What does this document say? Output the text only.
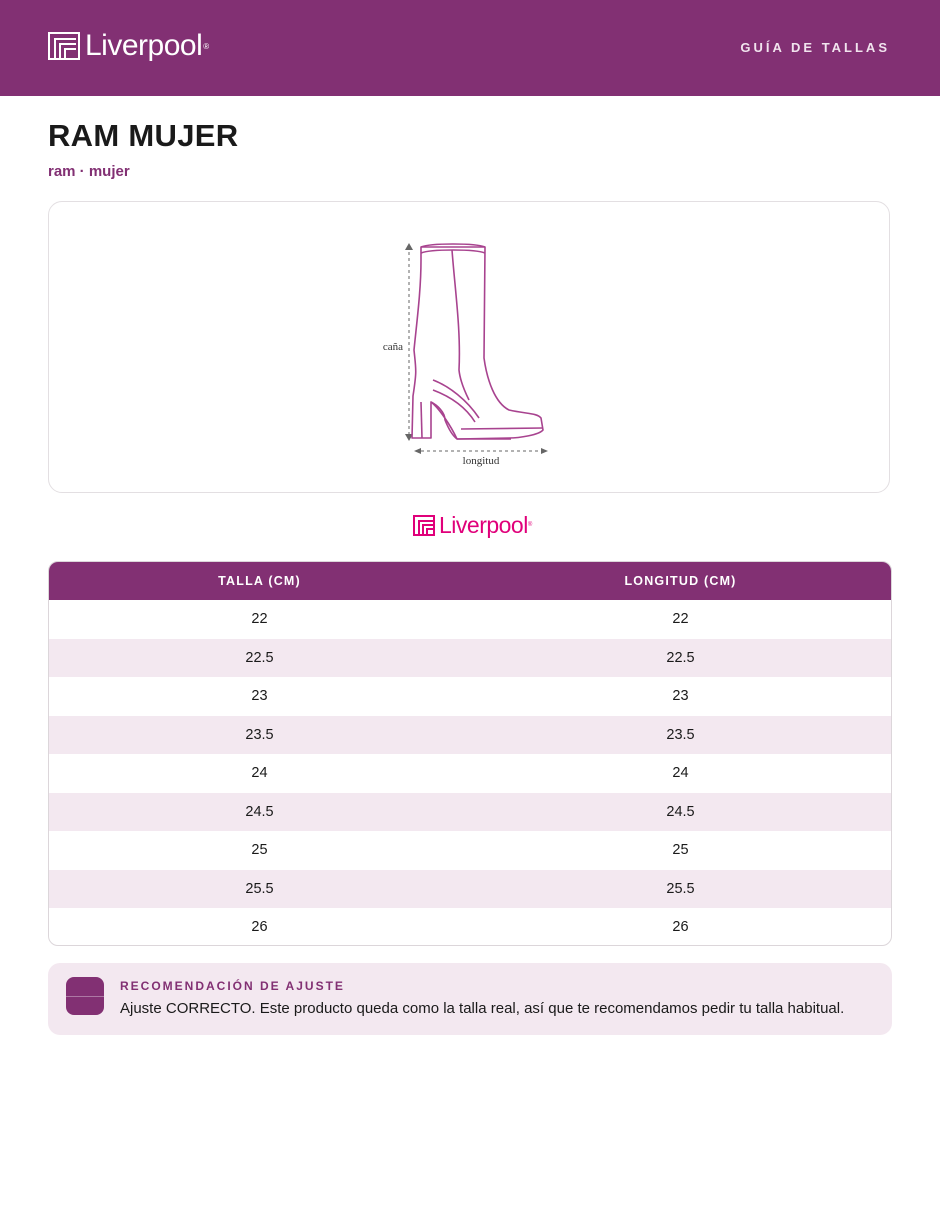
Liverpool ®	GUÍA DE TALLAS
RAM MUJER
ram · mujer
caña
longitud
Liverpool ®
TALLA (CM)	LONGITUD (CM)
22	22
22.5	22.5
23	23
23.5	23.5
24	24
24.5	24.5
25	25
25.5	25.5
26	26
RECOMENDACIÓN DE AJUSTE
Ajuste CORRECTO. Este producto queda como la talla real, así que te recomendamos pedir tu talla habitual.
